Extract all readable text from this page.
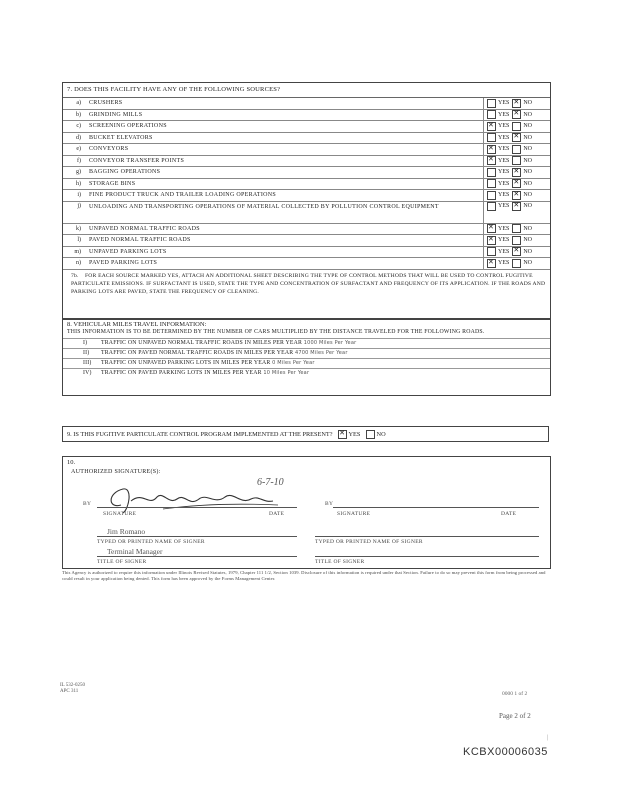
7. DOES THIS FACILITY HAVE ANY OF THE FOLLOWING SOURCES?
a) CRUSHERS	YES ✕ NO
b) GRINDING MILLS	YES ✕ NO
c) SCREENING OPERATIONS ✕	YES NO
d) BUCKET ELEVATORS	YES ✕ NO
e) CONVEYORS ✕	YES NO
f) CONVEYOR TRANSFER POINTS ✕	YES NO
g) BAGGING OPERATIONS	YES ✕ NO
h) STORAGE BINS	YES ✕ NO
i) FINE PRODUCT TRUCK AND TRAILER LOADING OPERATIONS	YES ✕ NO
j) UNLOADING AND TRANSPORTING OPERATIONS OF MATERIAL COLLECTED BY POLLUTION CONTROL EQUIPMENT	YES ✕ NO
k) UNPAVED NORMAL TRAFFIC ROADS ✕	YES NO
l) PAVED NORMAL TRAFFIC ROADS ✕	YES NO
m) UNPAVED PARKING LOTS	YES ✕ NO
n) PAVED PARKING LOTS ✕	YES NO
7b. FOR EACH SOURCE MARKED YES, ATTACH AN ADDITIONAL SHEET DESCRIBING THE TYPE OF CONTROL METHODS THAT WILL BE USED TO CONTROL FUGITIVE PARTICULATE EMISSIONS. IF SURFACTANT IS USED, STATE THE TYPE AND CONCENTRATION OF SURFACTANT AND FREQUENCY OF ITS APPLICATION. IF THE ROADS AND PARKING LOTS ARE PAVED, STATE THE FREQUENCY OF CLEANING.
8. VEHICULAR MILES TRAVEL INFORMATION:
THIS INFORMATION IS TO BE DETERMINED BY THE NUMBER OF CARS MULTIPLIED BY THE DISTANCE TRAVELED FOR THE FOLLOWING ROADS.
I) TRAFFIC ON UNPAVED NORMAL TRAFFIC ROADS IN MILES PER YEAR 1000 Miles Per Year
II) TRAFFIC ON PAVED NORMAL TRAFFIC ROADS IN MILES PER YEAR 4700 Miles Per Year
III) TRAFFIC ON UNPAVED PARKING LOTS IN MILES PER YEAR 0 Miles Per Year
IV) TRAFFIC ON PAVED PARKING LOTS IN MILES PER YEAR 10 Miles Per Year
9. IS THIS FUGITIVE PARTICULATE CONTROL PROGRAM IMPLEMENTED AT THE PRESENT? ✕	YES	NO
10.
AUTHORIZED SIGNATURE(S):
6-7-10
BY
SIGNATURE	DATE
BY
SIGNATURE	DATE
Jim Romano
TYPED OR PRINTED NAME OF SIGNER	TYPED OR PRINTED NAME OF SIGNER
Terminal Manager
TITLE OF SIGNER	TITLE OF SIGNER
This Agency is authorized to require this information under Illinois Revised Statutes, 1979, Chapter 111 1/2, Section 1039. Disclosure of this information is required under that Section. Failure to do so may prevent this form from being processed and could result in your application being denied. This form has been approved by the Forms Management Center.
IL 532-0250
APC 311	0000 1 of 2
Page 2 of 2
|
KCBX00006035
